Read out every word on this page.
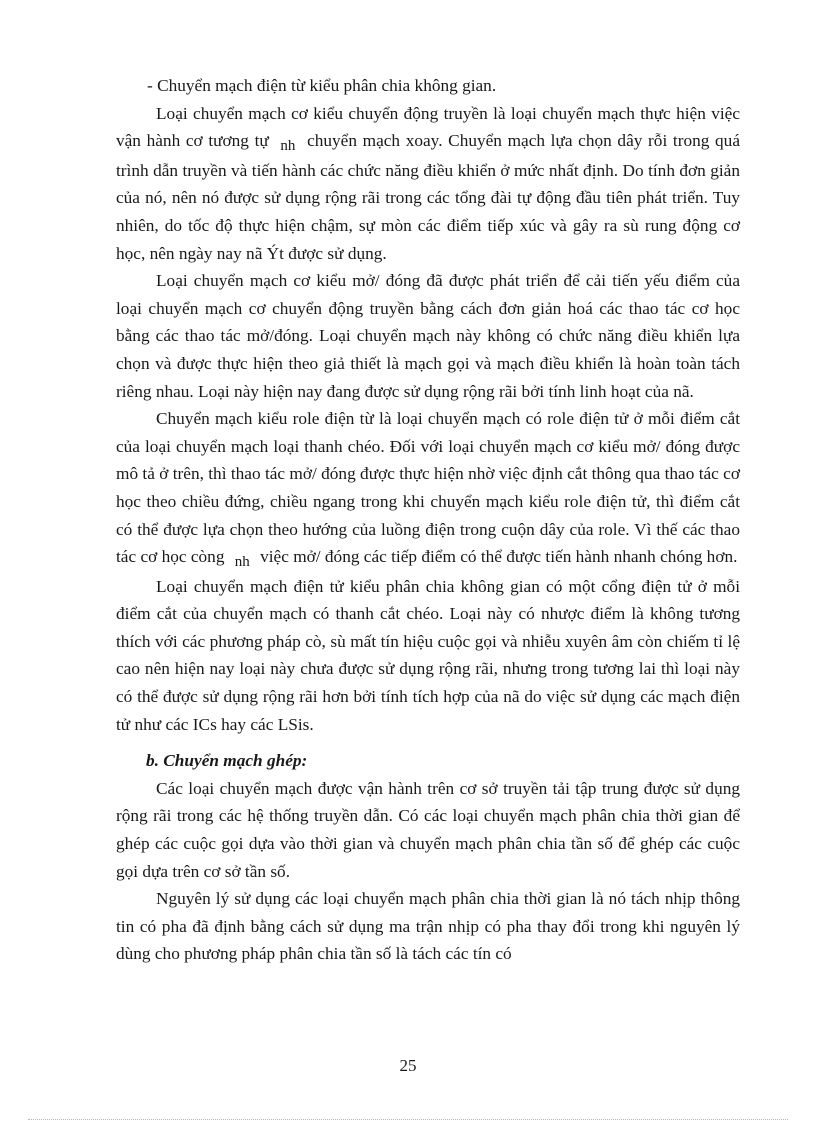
- Chuyển mạch điện từ kiểu phân chia không gian.

Loại chuyển mạch cơ kiểu chuyển động truyền là loại chuyển mạch thực hiện việc vận hành cơ tương tự nh chuyển mạch xoay. Chuyển mạch lựa chọn dây rỗi trong quá trình dẫn truyền và tiến hành các chức năng điều khiển ở mức nhất định. Do tính đơn giản của nó, nên nó được sử dụng rộng rãi trong các tổng đài tự động đầu tiên phát triển. Tuy nhiên, do tốc độ thực hiện chậm, sự mòn các điểm tiếp xúc và gây ra sù rung động cơ học, nên ngày nay nã Ýt được sử dụng.

Loại chuyển mạch cơ kiểu mở/ đóng đã được phát triển để cải tiến yếu điểm của loại chuyển mạch cơ chuyển động truyền bằng cách đơn giản hoá các thao tác cơ học bằng các thao tác mở/đóng. Loại chuyển mạch này không có chức năng điều khiển lựa chọn và được thực hiện theo giả thiết là mạch gọi và mạch điều khiển là hoàn toàn tách riêng nhau. Loại này hiện nay đang được sử dụng rộng rãi bởi tính linh hoạt của nã.

Chuyển mạch kiểu role điện từ là loại chuyển mạch có role điện tử ở mỗi điểm cắt của loại chuyển mạch loại thanh chéo. Đối với loại chuyển mạch cơ kiểu mở/ đóng được mô tả ở trên, thì thao tác mở/ đóng được thực hiện nhờ việc định cắt thông qua thao tác cơ học theo chiều đứng, chiều ngang trong khi chuyển mạch kiểu role điện tử, thì điểm cắt có thể được lựa chọn theo hướng của luồng điện trong cuộn dây của role. Vì thế các thao tác cơ học còng nh việc mở/ đóng các tiếp điểm có thể được tiến hành nhanh chóng hơn.

Loại chuyển mạch điện tử kiểu phân chia không gian có một cổng điện tử ở mỗi điểm cắt của chuyển mạch có thanh cắt chéo. Loại này có nhược điểm là không tương thích với các phương pháp cò, sù mất tín hiệu cuộc gọi và nhiễu xuyên âm còn chiếm tỉ lệ cao nên hiện nay loại này chưa được sử dụng rộng rãi, nhưng trong tương lai thì loại này có thể được sử dụng rộng rãi hơn bởi tính tích hợp của nã do việc sử dụng các mạch điện tử như các ICs hay các LSis.

b. Chuyển mạch ghép:

Các loại chuyển mạch được vận hành trên cơ sở truyền tải tập trung được sử dụng rộng rãi trong các hệ thống truyền dẫn. Có các loại chuyển mạch phân chia thời gian để ghép các cuộc gọi dựa vào thời gian và chuyển mạch phân chia tần số để ghép các cuộc gọi dựa trên cơ sở tần số.

Nguyên lý sử dụng các loại chuyển mạch phân chia thời gian là nó tách nhịp thông tin có pha đã định bằng cách sử dụng ma trận nhịp có pha thay đổi trong khi nguyên lý dùng cho phương pháp phân chia tần số là tách các tín có

25
